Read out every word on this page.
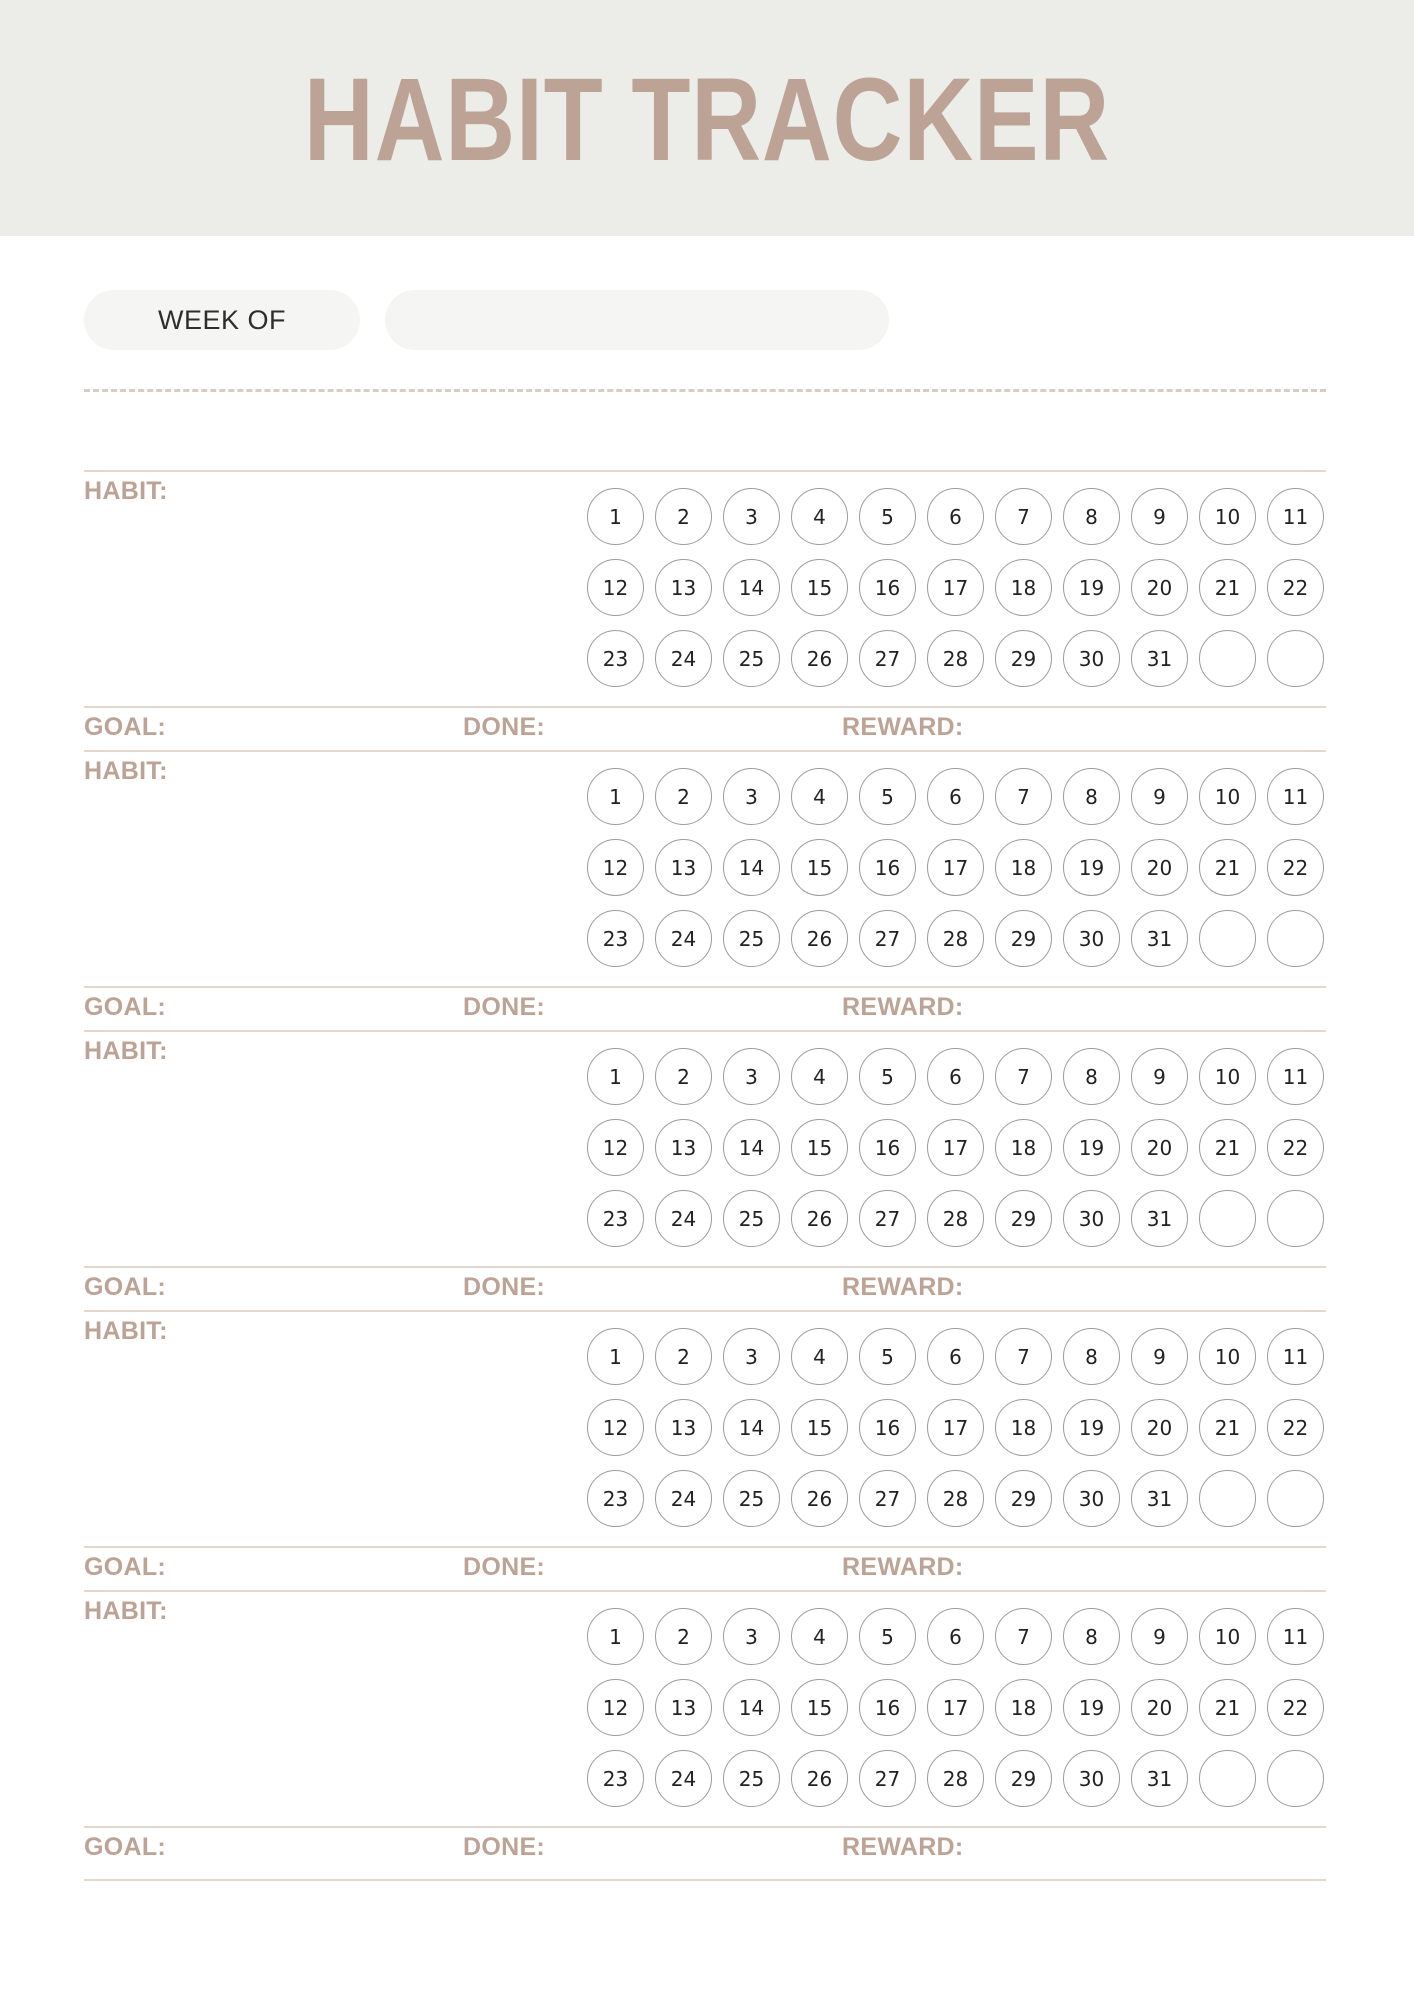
HABIT TRACKER
WEEK OF
HABIT:
GOAL:	DONE:	REWARD:
1	2	3	4	5	6	7	8	9	10	11
12	13	14	15	16	17	18	19	20	21	22
23	24	25	26	27	28	29	30	31
HABIT:
GOAL:	DONE:	REWARD:
1	2	3	4	5	6	7	8	9	10	11
12	13	14	15	16	17	18	19	20	21	22
23	24	25	26	27	28	29	30	31
HABIT:
GOAL:	DONE:	REWARD:
1	2	3	4	5	6	7	8	9	10	11
12	13	14	15	16	17	18	19	20	21	22
23	24	25	26	27	28	29	30	31
HABIT:
GOAL:	DONE:	REWARD:
1	2	3	4	5	6	7	8	9	10	11
12	13	14	15	16	17	18	19	20	21	22
23	24	25	26	27	28	29	30	31
HABIT:
GOAL:	DONE:	REWARD:
1	2	3	4	5	6	7	8	9	10	11
12	13	14	15	16	17	18	19	20	21	22
23	24	25	26	27	28	29	30	31
